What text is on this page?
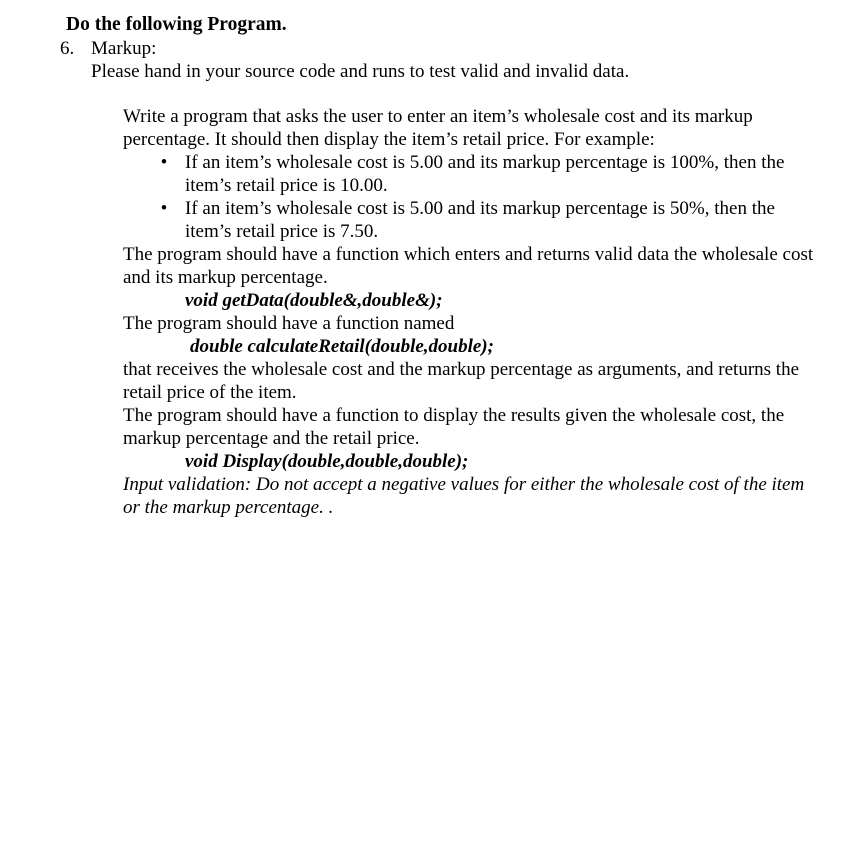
Do the following Program.
6. Markup:
Please hand in your source code and runs to test valid and invalid data.

Write a program that asks the user to enter an item’s wholesale cost and its markup percentage. It should then display the item’s retail price. For example:

• If an item’s wholesale cost is 5.00 and its markup percentage is 100%, then the item’s retail price is 10.00.
• If an item’s wholesale cost is 5.00 and its markup percentage is 50%, then the item’s retail price is 7.50.

The program should have a function which enters and returns valid data the wholesale cost and its markup percentage.

void getData(double&,double&);

The program should have a function named

double calculateRetail(double,double);

that receives the wholesale cost and the markup percentage as arguments, and returns the retail price of the item.

The program should have a function to display the results given the wholesale cost, the markup percentage and the retail price.

void Display(double,double,double);

Input validation: Do not accept a negative values for either the wholesale cost of the item or the markup percentage. .
